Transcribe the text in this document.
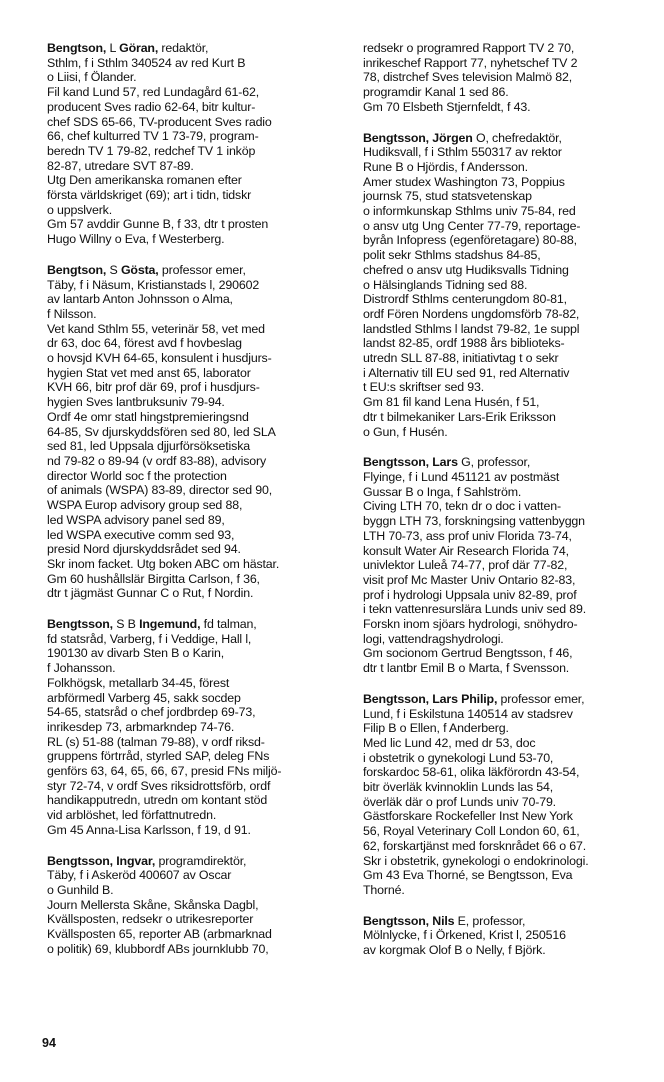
Bengtson, L Göran, redaktör,
Sthlm, f i Sthlm 340524 av red Kurt B
o Liisi, f Ölander.
Fil kand Lund 57, red Lundagård 61-62,
producent Sves radio 62-64, bitr kultur-
chef SDS 65-66, TV-producent Sves radio
66, chef kulturred TV 1 73-79, program-
beredn TV 1 79-82, redchef TV 1 inköp
82-87, utredare SVT 87-89.
Utg Den amerikanska romanen efter
första världskriget (69); art i tidn, tidskr
o uppslverk.
Gm 57 avddir Gunne B, f 33, dtr t prosten
Hugo Willny o Eva, f Westerberg.
Bengtson, S Gösta, professor emer,
Täby, f i Näsum, Kristianstads l, 290602
av lantarb Anton Johnsson o Alma,
f Nilsson.
Vet kand Sthlm 55, veterinär 58, vet med
dr 63, doc 64, förest avd f hovbeslag
o hovsjd KVH 64-65, konsulent i husdjurs-
hygien Stat vet med anst 65, laborator
KVH 66, bitr prof där 69, prof i husdjurs-
hygien Sves lantbruksuniv 79-94.
Ordf 4e omr statl hingstpremieringsnd
64-85, Sv djurskyddsfören sed 80, led SLA
sed 81, led Uppsala djjurförsöksetiska
nd 79-82 o 89-94 (v ordf 83-88), advisory
director World soc f the protection
of animals (WSPA) 83-89, director sed 90,
WSPA Europ advisory group sed 88,
led WSPA advisory panel sed 89,
led WSPA executive comm sed 93,
presid Nord djurskyddsrådet sed 94.
Skr inom facket. Utg boken ABC om hästar.
Gm 60 hushållslär Birgitta Carlson, f 36,
dtr t jägmäst Gunnar C o Rut, f Nordin.
Bengtsson, S B Ingemund, fd talman,
fd statsråd, Varberg, f i Veddige, Hall l,
190130 av divarb Sten B o Karin,
f Johansson.
Folkhögsk, metallarb 34-45, förest
arbförmedl Varberg 45, sakk socdep
54-65, statsråd o chef jordbrdep 69-73,
inrikesdep 73, arbmarkndep 74-76.
RL (s) 51-88 (talman 79-88), v ordf riksd-
gruppens förtrråd, styrled SAP, deleg FNs
genförs 63, 64, 65, 66, 67, presid FNs miljö-
styr 72-74, v ordf Sves riksidrottsförb, ordf
handikapputredn, utredn om kontant stöd
vid arblöshet, led författnutredn.
Gm 45 Anna-Lisa Karlsson, f 19, d 91.
Bengtsson, Ingvar, programdirektör,
Täby, f i Askeröd 400607 av Oscar
o Gunhild B.
Journ Mellersta Skåne, Skånska Dagbl,
Kvällsposten, redsekr o utrikesreporter
Kvällsposten 65, reporter AB (arbmarknad
o politik) 69, klubbordf ABs journklubb 70,
redsekr o programred Rapport TV 2 70,
inrikeschef Rapport 77, nyhetschef TV 2
78, distrchef Sves television Malmö 82,
programdir Kanal 1 sed 86.
Gm 70 Elsbeth Stjernfeldt, f 43.
Bengtsson, Jörgen O, chefredaktör,
Hudiksvall, f i Sthlm 550317 av rektor
Rune B o Hjördis, f Andersson.
Amer studex Washington 73, Poppius
journsk 75, stud statsvetenskap
o informkunskap Sthlms univ 75-84, red
o ansv utg Ung Center 77-79, reportage-
byrån Infopress (egenföretagare) 80-88,
polit sekr Sthlms stadshus 84-85,
chefred o ansv utg Hudiksvalls Tidning
o Hälsinglands Tidning sed 88.
Distrordf Sthlms centerungdom 80-81,
ordf Fören Nordens ungdomsförb 78-82,
landstled Sthlms l landst 79-82, 1e suppl
landst 82-85, ordf 1988 års biblioteks-
utredn SLL 87-88, initiativtag t o sekr
i Alternativ till EU sed 91, red Alternativ
t EU:s skriftser sed 93.
Gm 81 fil kand Lena Husén, f 51,
dtr t bilmekaniker Lars-Erik Eriksson
o Gun, f Husén.
Bengtsson, Lars G, professor,
Flyinge, f i Lund 451121 av postmäst
Gussar B o Inga, f Sahlström.
Civing LTH 70, tekn dr o doc i vatten-
byggn LTH 73, forskningsing vattenbyggn
LTH 70-73, ass prof univ Florida 73-74,
konsult Water Air Research Florida 74,
univlektor Luleå 74-77, prof där 77-82,
visit prof Mc Master Univ Ontario 82-83,
prof i hydrologi Uppsala univ 82-89, prof
i tekn vattenresurslära Lunds univ sed 89.
Forskn inom sjöars hydrologi, snöhydro-
logi, vattendragshydrologi.
Gm socionom Gertrud Bengtsson, f 46,
dtr t lantbr Emil B o Marta, f Svensson.
Bengtsson, Lars Philip, professor emer,
Lund, f i Eskilstuna 140514 av stadsrev
Filip B o Ellen, f Anderberg.
Med lic Lund 42, med dr 53, doc
i obstetrik o gynekologi Lund 53-70,
forskardoc 58-61, olika läkförordn 43-54,
bitr överläk kvinnoklin Lunds las 54,
överläk där o prof Lunds univ 70-79.
Gästforskare Rockefeller Inst New York
56, Royal Veterinary Coll London 60, 61,
62, forskartjänst med forsknrådet 66 o 67.
Skr i obstetrik, gynekologi o endokrinologi.
Gm 43 Eva Thorné, se Bengtsson, Eva
Thorné.
Bengtsson, Nils E, professor,
Mölnlycke, f i Örkened, Krist l, 250516
av korgmak Olof B o Nelly, f Björk.
94
